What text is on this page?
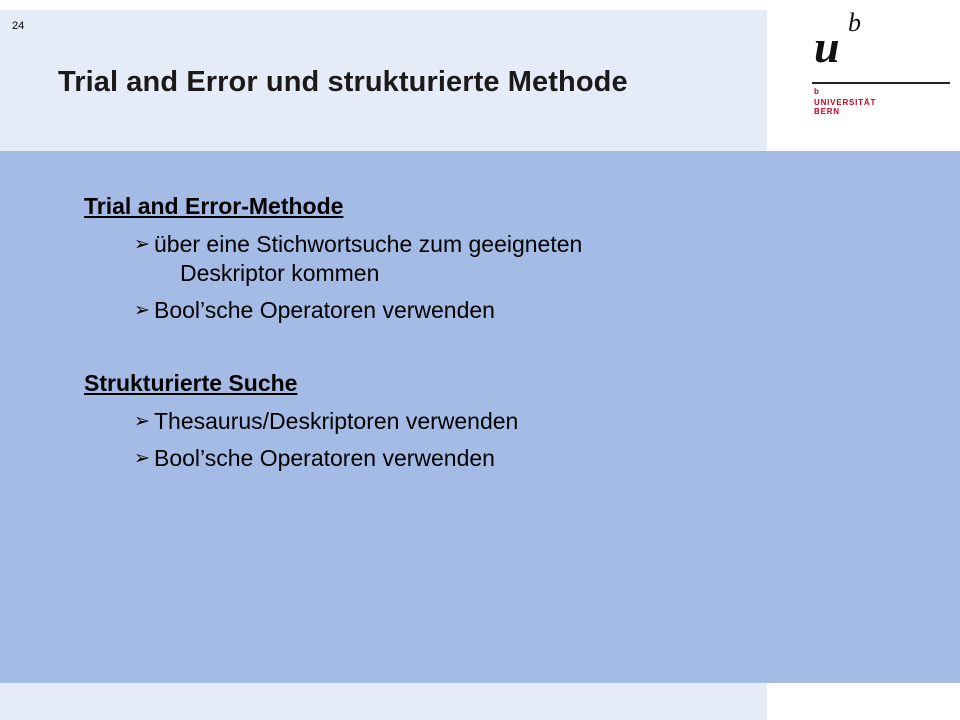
24
Trial and Error und strukturierte Methode
u b
b
UNIVERSITÄT
BERN
Trial and Error-Methode
➢ über eine Stichwortsuche zum geeigneten
Deskriptor kommen
➢ Bool’sche Operatoren verwenden
Strukturierte Suche
➢ Thesaurus/Deskriptoren verwenden
➢ Bool’sche Operatoren verwenden
